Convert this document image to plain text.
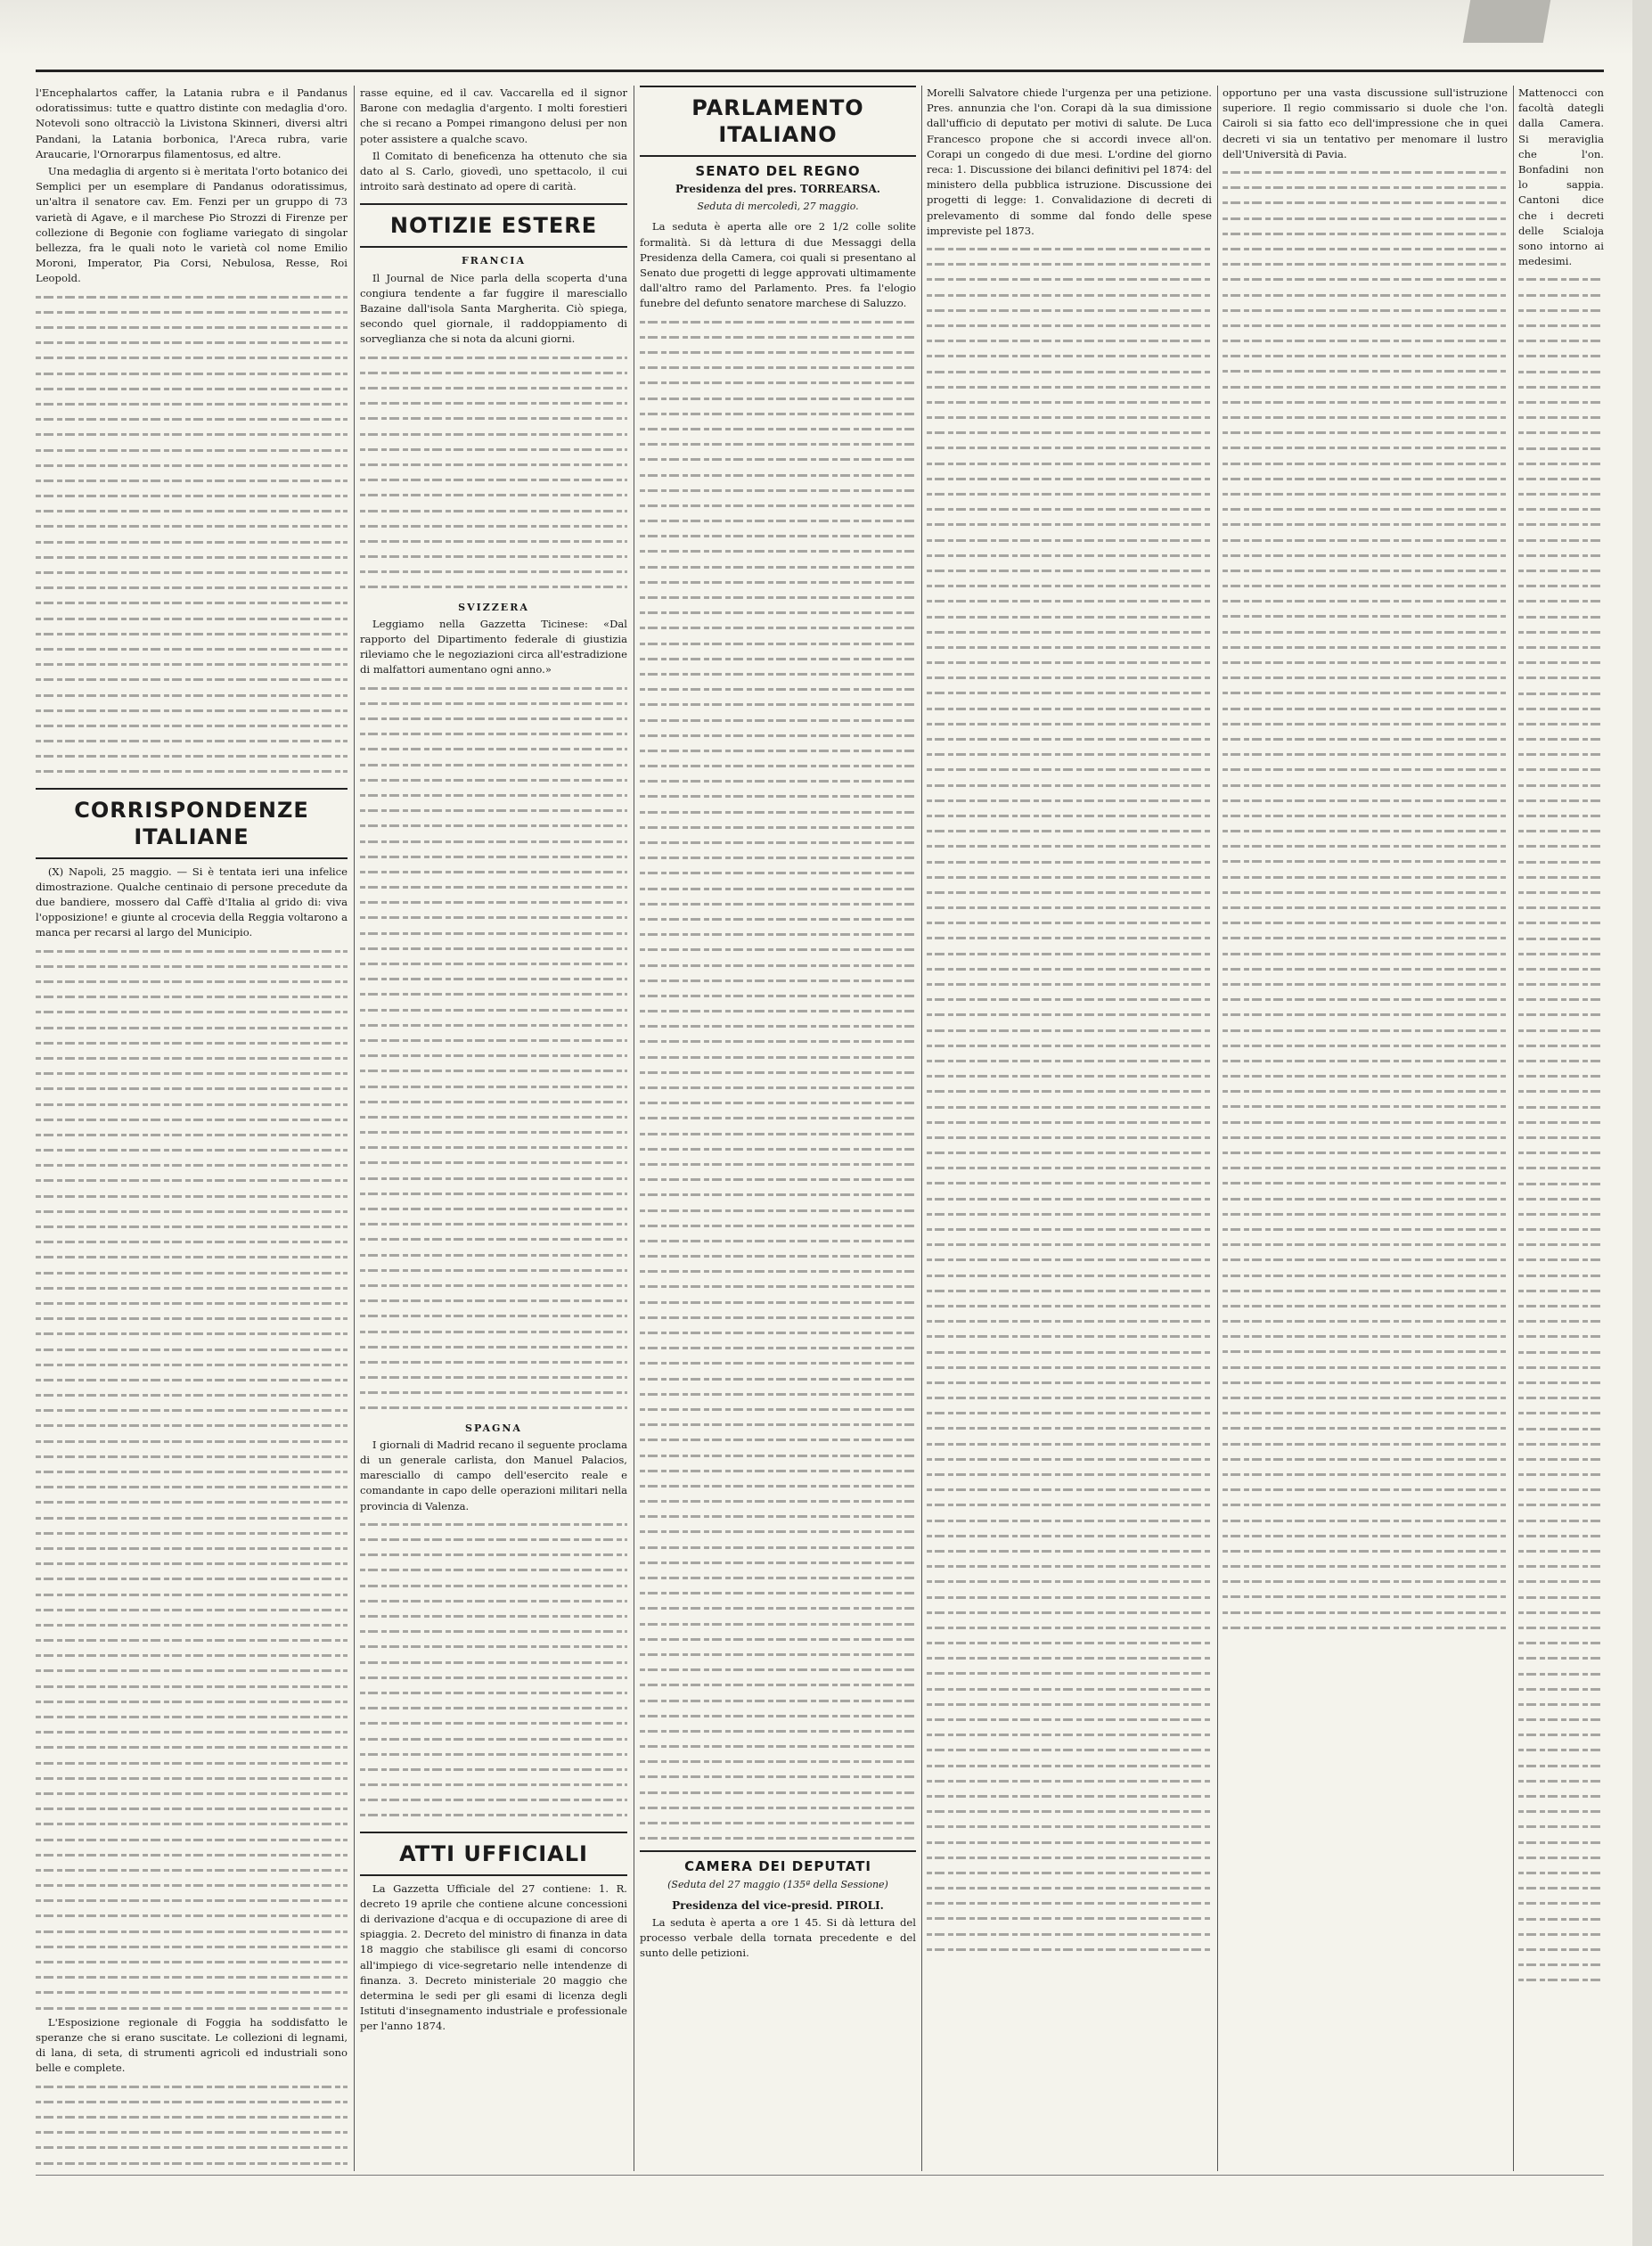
l'Encephalartos caffer, la Latania rubra e il Pandanus odoratissimus: tutte e quattro distinte con medaglia d'oro. Notevoli sono oltracciò la Livistona Skinneri, diversi altri Pandani, la Latania borbonica, l'Areca rubra, varie Araucarie, l'Ornorarpus filamentosus, ed altre.

Una medaglia di argento si è meritata l'orto botanico dei Semplici per un esemplare di Pandanus odoratissimus, un'altra il senatore cav. Em. Fenzi per un gruppo di 73 varietà di Agave, e il marchese Pio Strozzi di Firenze per collezione di Begonie con fogliame variegato di singolar bellezza, fra le quali noto le varietà col nome Emilio Moroni, Imperator, Pia Corsi, Nebulosa, Resse, Roi Leopold.

CORRISPONDENZE ITALIANE

(X) Napoli, 25 maggio. — Si è tentata ieri una infelice dimostrazione. Qualche centinaio di persone precedute da due bandiere, mossero dal Caffè d'Italia al grido di: viva l'opposizione! e giunte al crocevia della Reggia voltarono a manca per recarsi al largo del Municipio.

L'Esposizione regionale di Foggia ha soddisfatto le speranze che si erano suscitate. Le collezioni di legnami, di lana, di seta, di strumenti agricoli ed industriali sono belle e complete.

rasse equine, ed il cav. Vaccarella ed il signor Barone con medaglia d'argento. I molti forestieri che si recano a Pompei rimangono delusi per non poter assistere a qualche scavo.

Il Comitato di beneficenza ha ottenuto che sia dato al S. Carlo, giovedì, uno spettacolo, il cui introito sarà destinato ad opere di carità.

NOTIZIE ESTERE
FRANCIA

Il Journal de Nice parla della scoperta d'una congiura tendente a far fuggire il maresciallo Bazaine dall'isola Santa Margherita. Ciò spiega, secondo quel giornale, il raddoppiamento di sorveglianza che si nota da alcuni giorni.

SVIZZERA

Leggiamo nella Gazzetta Ticinese: «Dal rapporto del Dipartimento federale di giustizia rileviamo che le negoziazioni circa all'estradizione di malfattori aumentano ogni anno.»

SPAGNA

I giornali di Madrid recano il seguente proclama di un generale carlista, don Manuel Palacios, maresciallo di campo dell'esercito reale e comandante in capo delle operazioni militari nella provincia di Valenza.

ATTI UFFICIALI

La Gazzetta Ufficiale del 27 contiene: 1. R. decreto 19 aprile che contiene alcune concessioni di derivazione d'acqua e di occupazione di aree di spiaggia. 2. Decreto del ministro di finanza in data 18 maggio che stabilisce gli esami di concorso all'impiego di vice-segretario nelle intendenze di finanza. 3. Decreto ministeriale 20 maggio che determina le sedi per gli esami di licenza degli Istituti d'insegnamento industriale e professionale per l'anno 1874.

PARLAMENTO ITALIANO
SENATO DEL REGNO
Presidenza del pres. TORREARSA.
Seduta di mercoledì, 27 maggio.

La seduta è aperta alle ore 2 1/2 colle solite formalità. Si dà lettura di due Messaggi della Presidenza della Camera, coi quali si presentano al Senato due progetti di legge approvati ultimamente dall'altro ramo del Parlamento. Pres. fa l'elogio funebre del defunto senatore marchese di Saluzzo.

CAMERA DEI DEPUTATI
(Seduta del 27 maggio (135ª della Sessione)
Presidenza del vice-presid. PIROLI.

La seduta è aperta a ore 1 45. Si dà lettura del processo verbale della tornata precedente e del sunto delle petizioni.

Morelli Salvatore chiede l'urgenza per una petizione. Pres. annunzia che l'on. Corapi dà la sua dimissione dall'ufficio di deputato per motivi di salute. De Luca Francesco propone che si accordi invece all'on. Corapi un congedo di due mesi. L'ordine del giorno reca: 1. Discussione dei bilanci definitivi pel 1874: del ministero della pubblica istruzione. Discussione dei progetti di legge: 1. Convalidazione di decreti di prelevamento di somme dal fondo delle spese impreviste pel 1873.

opportuno per una vasta discussione sull'istruzione superiore. Il regio commissario si duole che l'on. Cairoli si sia fatto eco dell'impressione che in quei decreti vi sia un tentativo per menomare il lustro dell'Università di Pavia.

Mattenocci con facoltà dategli dalla Camera. Si meraviglia che l'on. Bonfadini non lo sappia. Cantoni dice che i decreti delle Scialoja sono intorno ai medesimi.
